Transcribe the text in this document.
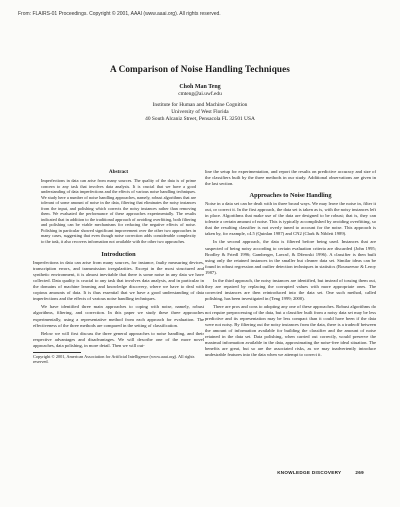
From: FLAIRS-01 Proceedings. Copyright © 2001, AAAI (www.aaai.org). All rights reserved.
A Comparison of Noise Handling Techniques
Choh Man Teng
cmteng@ai.uwf.edu
Institute for Human and Machine Cognition
University of West Florida
40 South Alcaniz Street, Pensacola FL 32501 USA
Abstract

Imperfections in data can arise from many sources. The quality of the data is of prime concern to any task that involves data analysis. It is crucial that we have a good understanding of data imperfections and the effects of various noise handling techniques. We study here a number of noise handling approaches, namely, robust algorithms that are tolerant of some amount of noise in the data, filtering that eliminates the noisy instances from the input, and polishing which corrects the noisy instances rather than removing them. We evaluated the performance of these approaches experimentally. The results indicated that in addition to the traditional approach of avoiding overfitting, both filtering and polishing can be viable mechanisms for reducing the negative effects of noise. Polishing in particular showed significant improvement over the other two approaches in many cases, suggesting that even though noise correction adds considerable complexity to the task, it also recovers information not available with the other two approaches.

Introduction

Imperfections in data can arise from many sources, for instance, faulty measuring devices, transcription errors, and transmission irregularities. Except in the most structured and synthetic environment, it is almost inevitable that there is some noise in any data we have collected. Data quality is crucial to any task that involves data analysis, and in particular in the domains of machine learning and knowledge discovery, where we have to deal with copious amounts of data. It is thus essential that we have a good understanding of data imperfections and the effects of various noise handling techniques.

We have identified three main approaches to coping with noise, namely, robust algorithms, filtering, and correction. In this paper we study these three approaches experimentally, using a representative method from each approach for evaluation. The effectiveness of the three methods are compared in the setting of classification.

Below we will first discuss the three general approaches to noise handling, and their respective advantages and disadvantages. We will describe one of the more novel approaches, data polishing, in more detail. Then we will out-

Copyright © 2001, American Association for Artificial Intelligence (www.aaai.org). All rights reserved.

line the setup for experimentation, and report the results on predictive accuracy and size of the classifiers built by the three methods in our study. Additional observations are given in the last section.

Approaches to Noise Handling

Noise in a data set can be dealt with in three broad ways. We may leave the noise in, filter it out, or correct it. In the first approach, the data set is taken as is, with the noisy instances left in place. Algorithms that make use of the data are designed to be robust; that is, they can tolerate a certain amount of noise. This is typically accomplished by avoiding overfitting, so that the resulting classifier is not overly tuned to account for the noise. This approach is taken by, for example, c4.5 (Quinlan 1987) and CN2 (Clark & Niblett 1989).

In the second approach, the data is filtered before being used. Instances that are suspected of being noisy according to certain evaluation criteria are discarded (John 1995; Brodley & Friedl 1996; Gamberger, Lavrač, & Džeroski 1996). A classifier is then built using only the retained instances in the smaller but cleaner data set. Similar ideas can be found in robust regression and outlier detection techniques in statistics (Rousseeuw & Leroy 1987).

In the third approach, the noisy instances are identified, but instead of tossing them out, they are repaired by replacing the corrupted values with more appropriate ones. The corrected instances are then reintroduced into the data set. One such method, called polishing, has been investigated in (Teng 1999; 2000).

There are pros and cons to adopting any one of these approaches. Robust algorithms do not require preprocessing of the data, but a classifier built from a noisy data set may be less predictive and its representation may be less compact than it could have been if the data were not noisy. By filtering out the noisy instances from the data, there is a tradeoff between the amount of information available for building the classifier and the amount of noise retained in the data set. Data polishing, when carried out correctly, would preserve the maximal information available in the data, approximating the noise-free ideal situation. The benefits are great, but so are the associated risks, as we may inadvertently introduce undesirable features into the data when we attempt to correct it.

KNOWLEDGE DISCOVERY	269
